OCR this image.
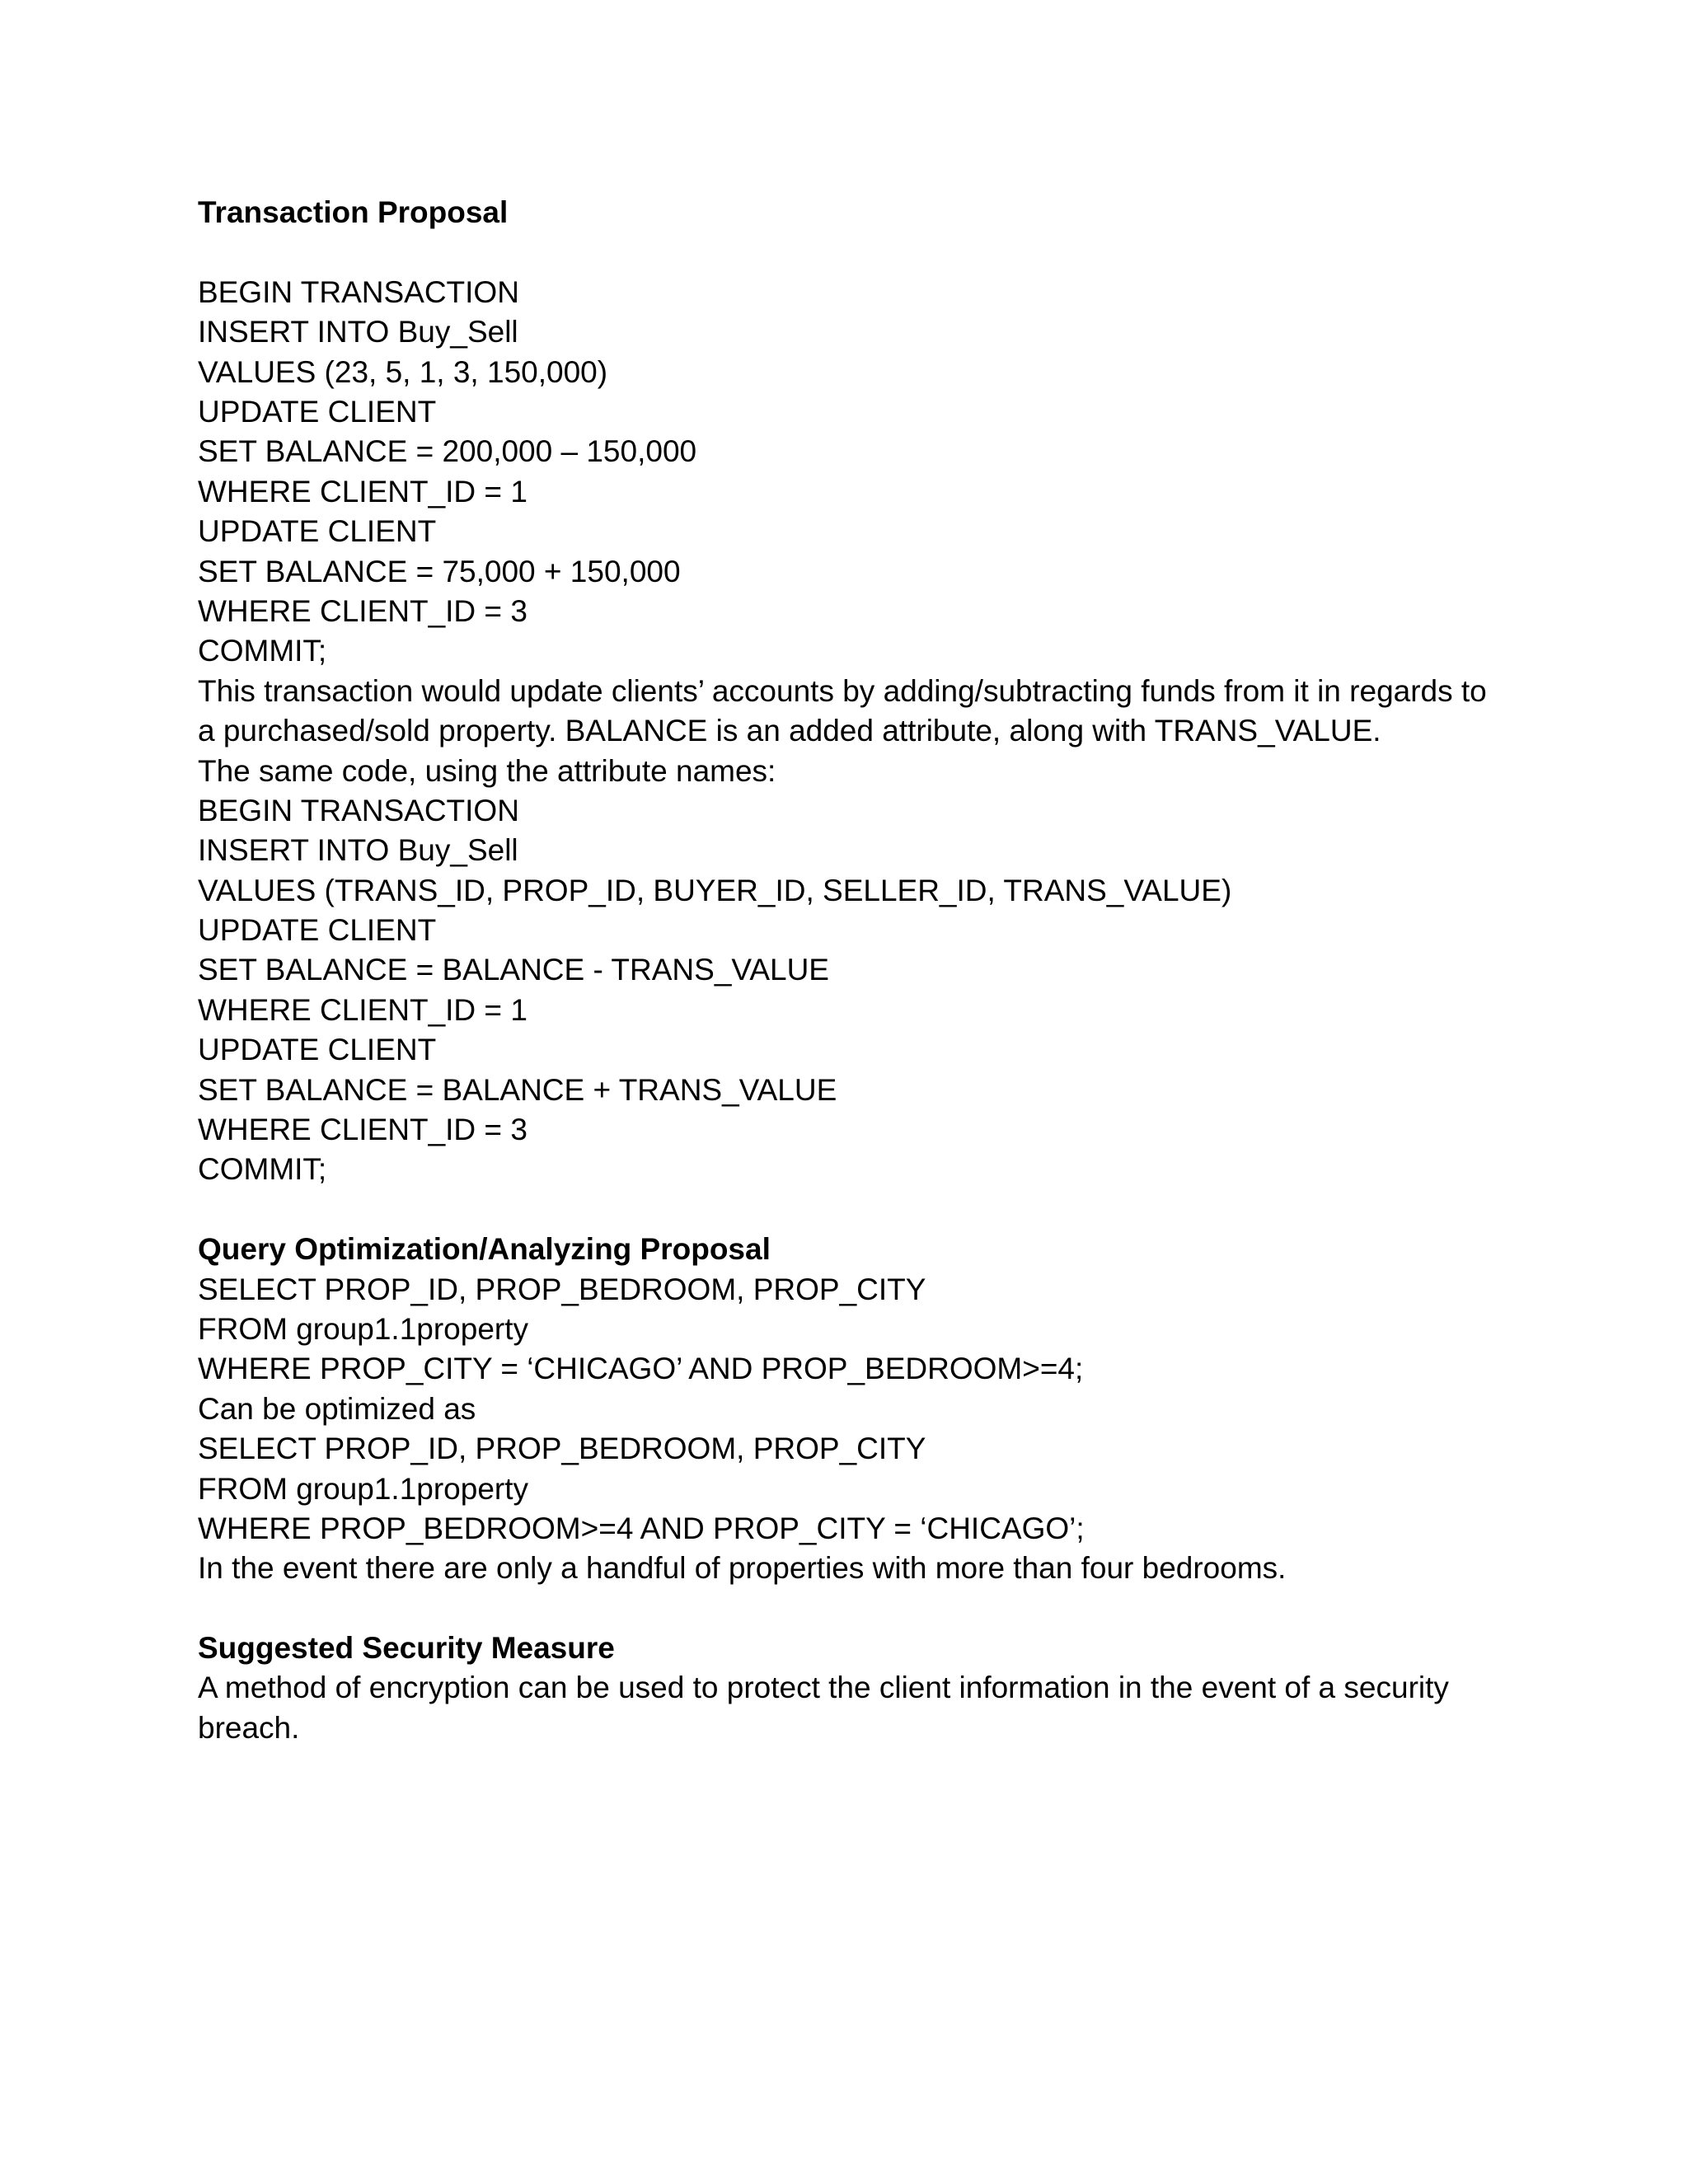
Transaction Proposal
BEGIN TRANSACTION
INSERT INTO Buy_Sell
VALUES (23, 5, 1, 3, 150,000)
UPDATE CLIENT
SET BALANCE = 200,000 – 150,000
WHERE CLIENT_ID = 1
UPDATE CLIENT
SET BALANCE = 75,000 + 150,000
WHERE CLIENT_ID = 3
COMMIT;
This transaction would update clients’ accounts by adding/subtracting funds from it in regards to a purchased/sold property. BALANCE is an added attribute, along with TRANS_VALUE.
The same code, using the attribute names:
BEGIN TRANSACTION
INSERT INTO Buy_Sell
VALUES (TRANS_ID, PROP_ID, BUYER_ID, SELLER_ID, TRANS_VALUE)
UPDATE CLIENT
SET BALANCE = BALANCE - TRANS_VALUE
WHERE CLIENT_ID = 1
UPDATE CLIENT
SET BALANCE = BALANCE + TRANS_VALUE
WHERE CLIENT_ID = 3
COMMIT;
Query Optimization/Analyzing Proposal
SELECT PROP_ID, PROP_BEDROOM, PROP_CITY
FROM group1.1property
WHERE PROP_CITY = ‘CHICAGO’ AND PROP_BEDROOM>=4;
Can be optimized as
SELECT PROP_ID, PROP_BEDROOM, PROP_CITY
FROM group1.1property
WHERE PROP_BEDROOM>=4 AND PROP_CITY = ‘CHICAGO’;
In the event there are only a handful of properties with more than four bedrooms.
Suggested Security Measure
A method of encryption can be used to protect the client information in the event of a security breach.
